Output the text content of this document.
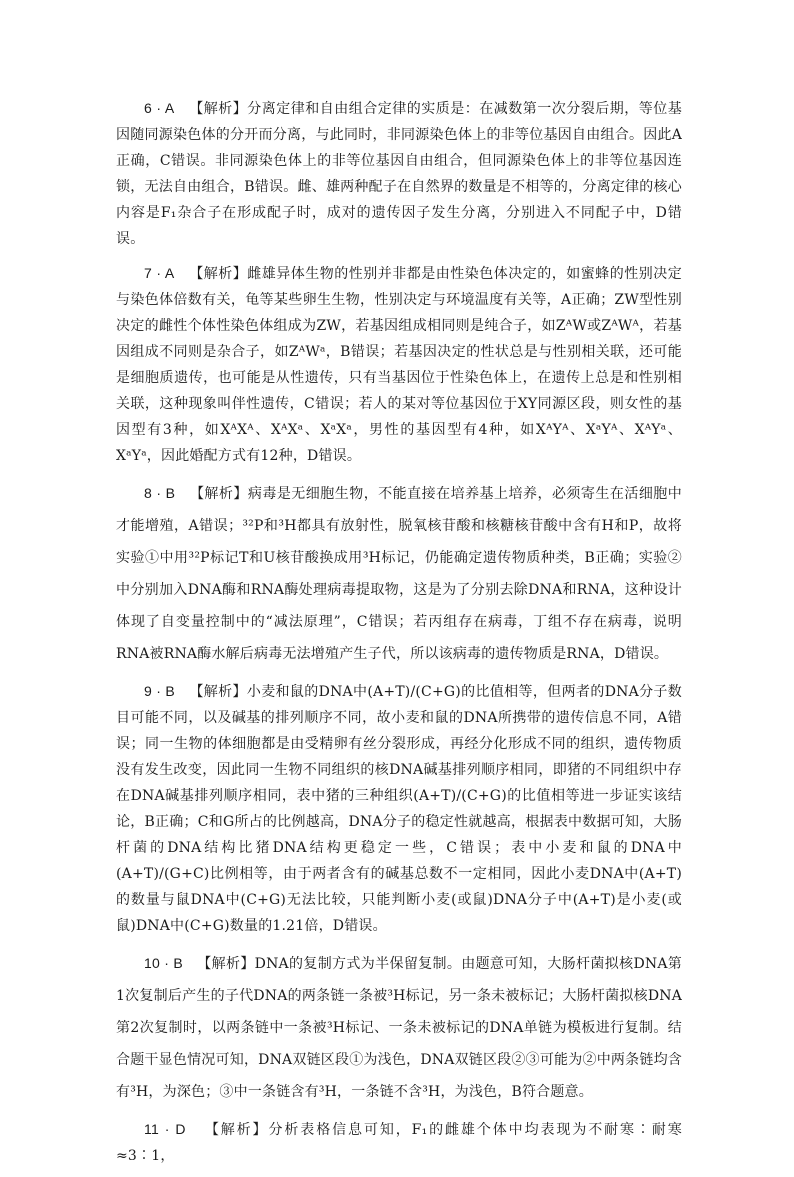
6 · A 【解析】分离定律和自由组合定律的实质是：在减数第一次分裂后期，等位基因随同源染色体的分开而分离，与此同时，非同源染色体上的非等位基因自由组合。因此A正确，C错误。非同源染色体上的非等位基因自由组合，但同源染色体上的非等位基因连锁，无法自由组合，B错误。雌、雄两种配子在自然界的数量是不相等的，分离定律的核心内容是F₁杂合子在形成配子时，成对的遗传因子发生分离，分别进入不同配子中，D错误。

7 · A 【解析】雌雄异体生物的性别并非都是由性染色体决定的，如蜜蜂的性别决定与染色体倍数有关，龟等某些卵生生物，性别决定与环境温度有关等，A正确；ZW型性别决定的雌性个体性染色体组成为ZW，若基因组成相同则是纯合子，如ZᴬW或ZᴬWᴬ，若基因组成不同则是杂合子，如ZᴬWᵃ，B错误；若基因决定的性状总是与性别相关联，还可能是细胞质遗传，也可能是从性遗传，只有当基因位于性染色体上，在遗传上总是和性别相关联，这种现象叫伴性遗传，C错误；若人的某对等位基因位于XY同源区段，则女性的基因型有3种，如XᴬXᴬ、XᴬXᵃ、XᵃXᵃ，男性的基因型有4种，如XᴬYᴬ、XᵃYᴬ、XᴬYᵃ、XᵃYᵃ，因此婚配方式有12种，D错误。

8 · B 【解析】病毒是无细胞生物，不能直接在培养基上培养，必须寄生在活细胞中才能增殖，A错误；³²P和³H都具有放射性，脱氧核苷酸和核糖核苷酸中含有H和P，故将实验①中用³²P标记T和U核苷酸换成用³H标记，仍能确定遗传物质种类，B正确；实验②中分别加入DNA酶和RNA酶处理病毒提取物，这是为了分别去除DNA和RNA，这种设计体现了自变量控制中的“减法原理”，C错误；若丙组存在病毒，丁组不存在病毒，说明RNA被RNA酶水解后病毒无法增殖产生子代，所以该病毒的遗传物质是RNA，D错误。

9 · B 【解析】小麦和鼠的DNA中(A+T)/(C+G)的比值相等，但两者的DNA分子数目可能不同，以及碱基的排列顺序不同，故小麦和鼠的DNA所携带的遗传信息不同，A错误；同一生物的体细胞都是由受精卵有丝分裂形成，再经分化形成不同的组织，遗传物质没有发生改变，因此同一生物不同组织的核DNA碱基排列顺序相同，即猪的不同组织中存在DNA碱基排列顺序相同，表中猪的三种组织(A+T)/(C+G)的比值相等进一步证实该结论，B正确；C和G所占的比例越高，DNA分子的稳定性就越高，根据表中数据可知，大肠杆菌的DNA结构比猪DNA结构更稳定一些，C错误；表中小麦和鼠的DNA中(A+T)/(G+C)比例相等，由于两者含有的碱基总数不一定相同，因此小麦DNA中(A+T)的数量与鼠DNA中(C+G)无法比较，只能判断小麦(或鼠)DNA分子中(A+T)是小麦(或鼠)DNA中(C+G)数量的1.21倍，D错误。

10 · B 【解析】DNA的复制方式为半保留复制。由题意可知，大肠杆菌拟核DNA第1次复制后产生的子代DNA的两条链一条被³H标记，另一条未被标记；大肠杆菌拟核DNA第2次复制时，以两条链中一条被³H标记、一条未被标记的DNA单链为模板进行复制。结合题干显色情况可知，DNA双链区段①为浅色，DNA双链区段②③可能为②中两条链均含有³H，为深色；③中一条链含有³H，一条链不含³H，为浅色，B符合题意。

11 · D 【解析】分析表格信息可知，F₁的雌雄个体中均表现为不耐寒∶耐寒≈3∶1，
